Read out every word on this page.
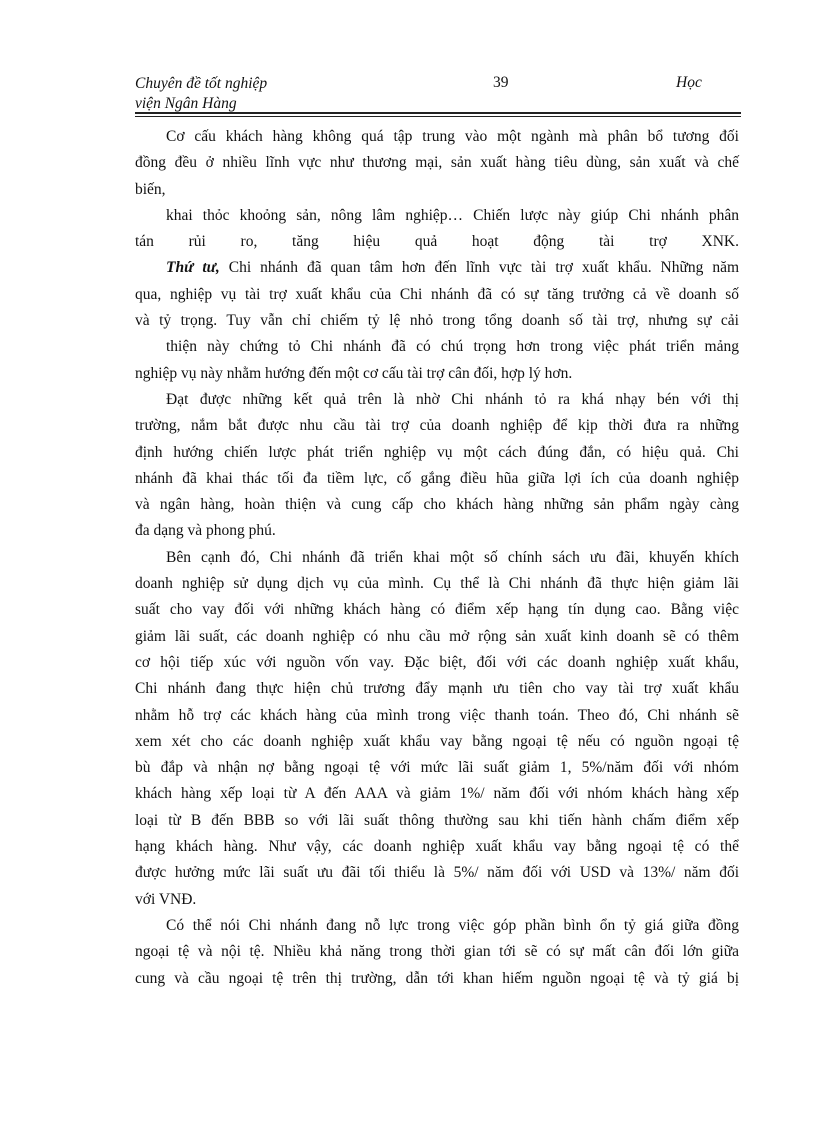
Chuyên đề tốt nghiệp
viện Ngân Hàng
39	Học

Cơ cấu khách hàng không quá tập trung vào một ngành mà phân bổ tương đối

đồng đều ở nhiều lĩnh vực như thương mại, sản xuất hàng tiêu dùng, sản xuất và chế

biến,

khai thỏc khoỏng sản, nông lâm nghiệp… Chiến lược này giúp Chi nhánh phân

tán rủi ro, tăng hiệu quả hoạt động tài trợ XNK.

Thứ tư, Chi nhánh đã quan tâm hơn đến lĩnh vực tài trợ xuất khẩu. Những năm

qua, nghiệp vụ tài trợ xuất khẩu của Chi nhánh đã có sự tăng trưởng cả về doanh số

và tỷ trọng. Tuy vẫn chỉ chiếm tỷ lệ nhỏ trong tổng doanh số tài trợ, nhưng sự cải

thiện này chứng tỏ Chi nhánh đã có chú trọng hơn trong việc phát triển mảng

nghiệp vụ này nhằm hướng đến một cơ cấu tài trợ cân đối, hợp lý hơn.

Đạt được những kết quả trên là nhờ Chi nhánh tỏ ra khá nhạy bén với thị

trường, nắm bắt được nhu cầu tài trợ của doanh nghiệp để kịp thời đưa ra những

định hướng chiến lược phát triển nghiệp vụ một cách đúng đắn, có hiệu quả. Chi

nhánh đã khai thác tối đa tiềm lực, cố gắng điều hũa giữa lợi ích của doanh nghiệp

và ngân hàng, hoàn thiện và cung cấp cho khách hàng những sản phẩm ngày càng

đa dạng và phong phú.

Bên cạnh đó, Chi nhánh đã triển khai một số chính sách ưu đãi, khuyến khích

doanh nghiệp sử dụng dịch vụ của mình. Cụ thể là Chi nhánh đã thực hiện giảm lãi

suất cho vay đối với những khách hàng có điểm xếp hạng tín dụng cao. Bằng việc

giảm lãi suất, các doanh nghiệp có nhu cầu mở rộng sản xuất kinh doanh sẽ có thêm

cơ hội tiếp xúc với nguồn vốn vay. Đặc biệt, đối với các doanh nghiệp xuất khẩu,

Chi nhánh đang thực hiện chủ trương đẩy mạnh ưu tiên cho vay tài trợ xuất khẩu

nhằm hỗ trợ các khách hàng của mình trong việc thanh toán. Theo đó, Chi nhánh sẽ

xem xét cho các doanh nghiệp xuất khẩu vay bằng ngoại tệ nếu có nguồn ngoại tệ

bù đắp và nhận nợ bằng ngoại tệ với mức lãi suất giảm 1, 5%/năm đối với nhóm

khách hàng xếp loại từ A đến AAA và giảm 1%/ năm đối với nhóm khách hàng xếp

loại từ B đến BBB so với lãi suất thông thường sau khi tiến hành chấm điểm xếp

hạng khách hàng. Như vậy, các doanh nghiệp xuất khẩu vay bằng ngoại tệ có thể

được hưởng mức lãi suất ưu đãi tối thiểu là 5%/ năm đối với USD và 13%/ năm đối

với VNĐ.

Có thể nói Chi nhánh đang nỗ lực trong việc góp phần bình ổn tỷ giá giữa đồng

ngoại tệ và nội tệ. Nhiều khả năng trong thời gian tới sẽ có sự mất cân đối lớn giữa

cung và cầu ngoại tệ trên thị trường, dẫn tới khan hiếm nguồn ngoại tệ và tỷ giá bị
